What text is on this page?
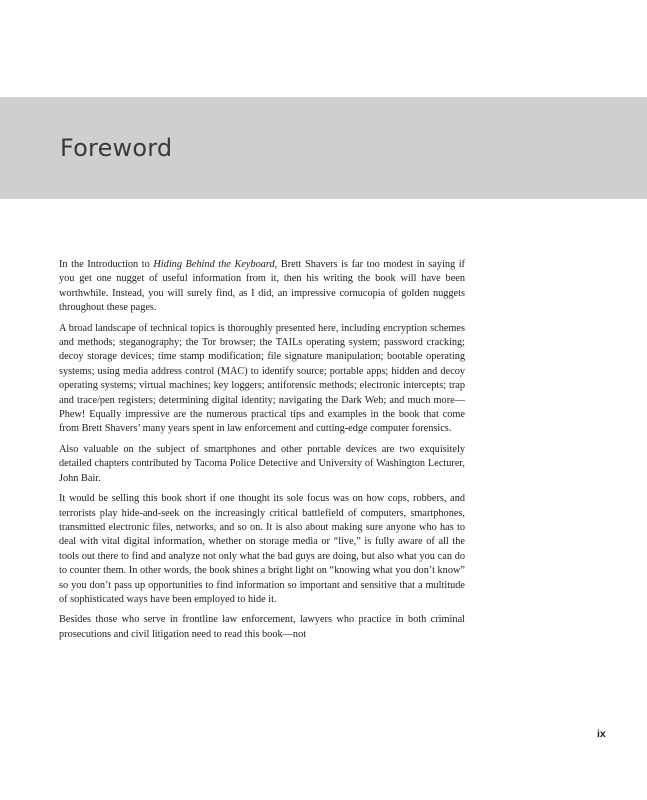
Foreword

In the Introduction to Hiding Behind the Keyboard, Brett Shavers is far too modest in saying if you get one nugget of useful information from it, then his writing the book will have been worthwhile. Instead, you will surely find, as I did, an impressive cornucopia of golden nuggets throughout these pages.

A broad landscape of technical topics is thoroughly presented here, including encryption schemes and methods; steganography; the Tor browser; the TAILs operating system; password cracking; decoy storage devices; time stamp modification; file signature manipulation; bootable operating systems; using media address control (MAC) to identify source; portable apps; hidden and decoy operating systems; virtual machines; key loggers; antiforensic methods; electronic intercepts; trap and trace/pen registers; determining digital identity; navigating the Dark Web; and much more—Phew! Equally impressive are the numerous practical tips and examples in the book that come from Brett Shavers’ many years spent in law enforcement and cutting-edge computer forensics.

Also valuable on the subject of smartphones and other portable devices are two exquisitely detailed chapters contributed by Tacoma Police Detective and University of Washington Lecturer, John Bair.

It would be selling this book short if one thought its sole focus was on how cops, robbers, and terrorists play hide-and-seek on the increasingly critical battlefield of computers, smartphones, transmitted electronic files, networks, and so on. It is also about making sure anyone who has to deal with vital digital information, whether on storage media or “live,” is fully aware of all the tools out there to find and analyze not only what the bad guys are doing, but also what you can do to counter them. In other words, the book shines a bright light on “knowing what you don’t know” so you don’t pass up opportunities to find information so important and sensitive that a multitude of sophisticated ways have been employed to hide it.

Besides those who serve in frontline law enforcement, lawyers who practice in both criminal prosecutions and civil litigation need to read this book—not

ix
